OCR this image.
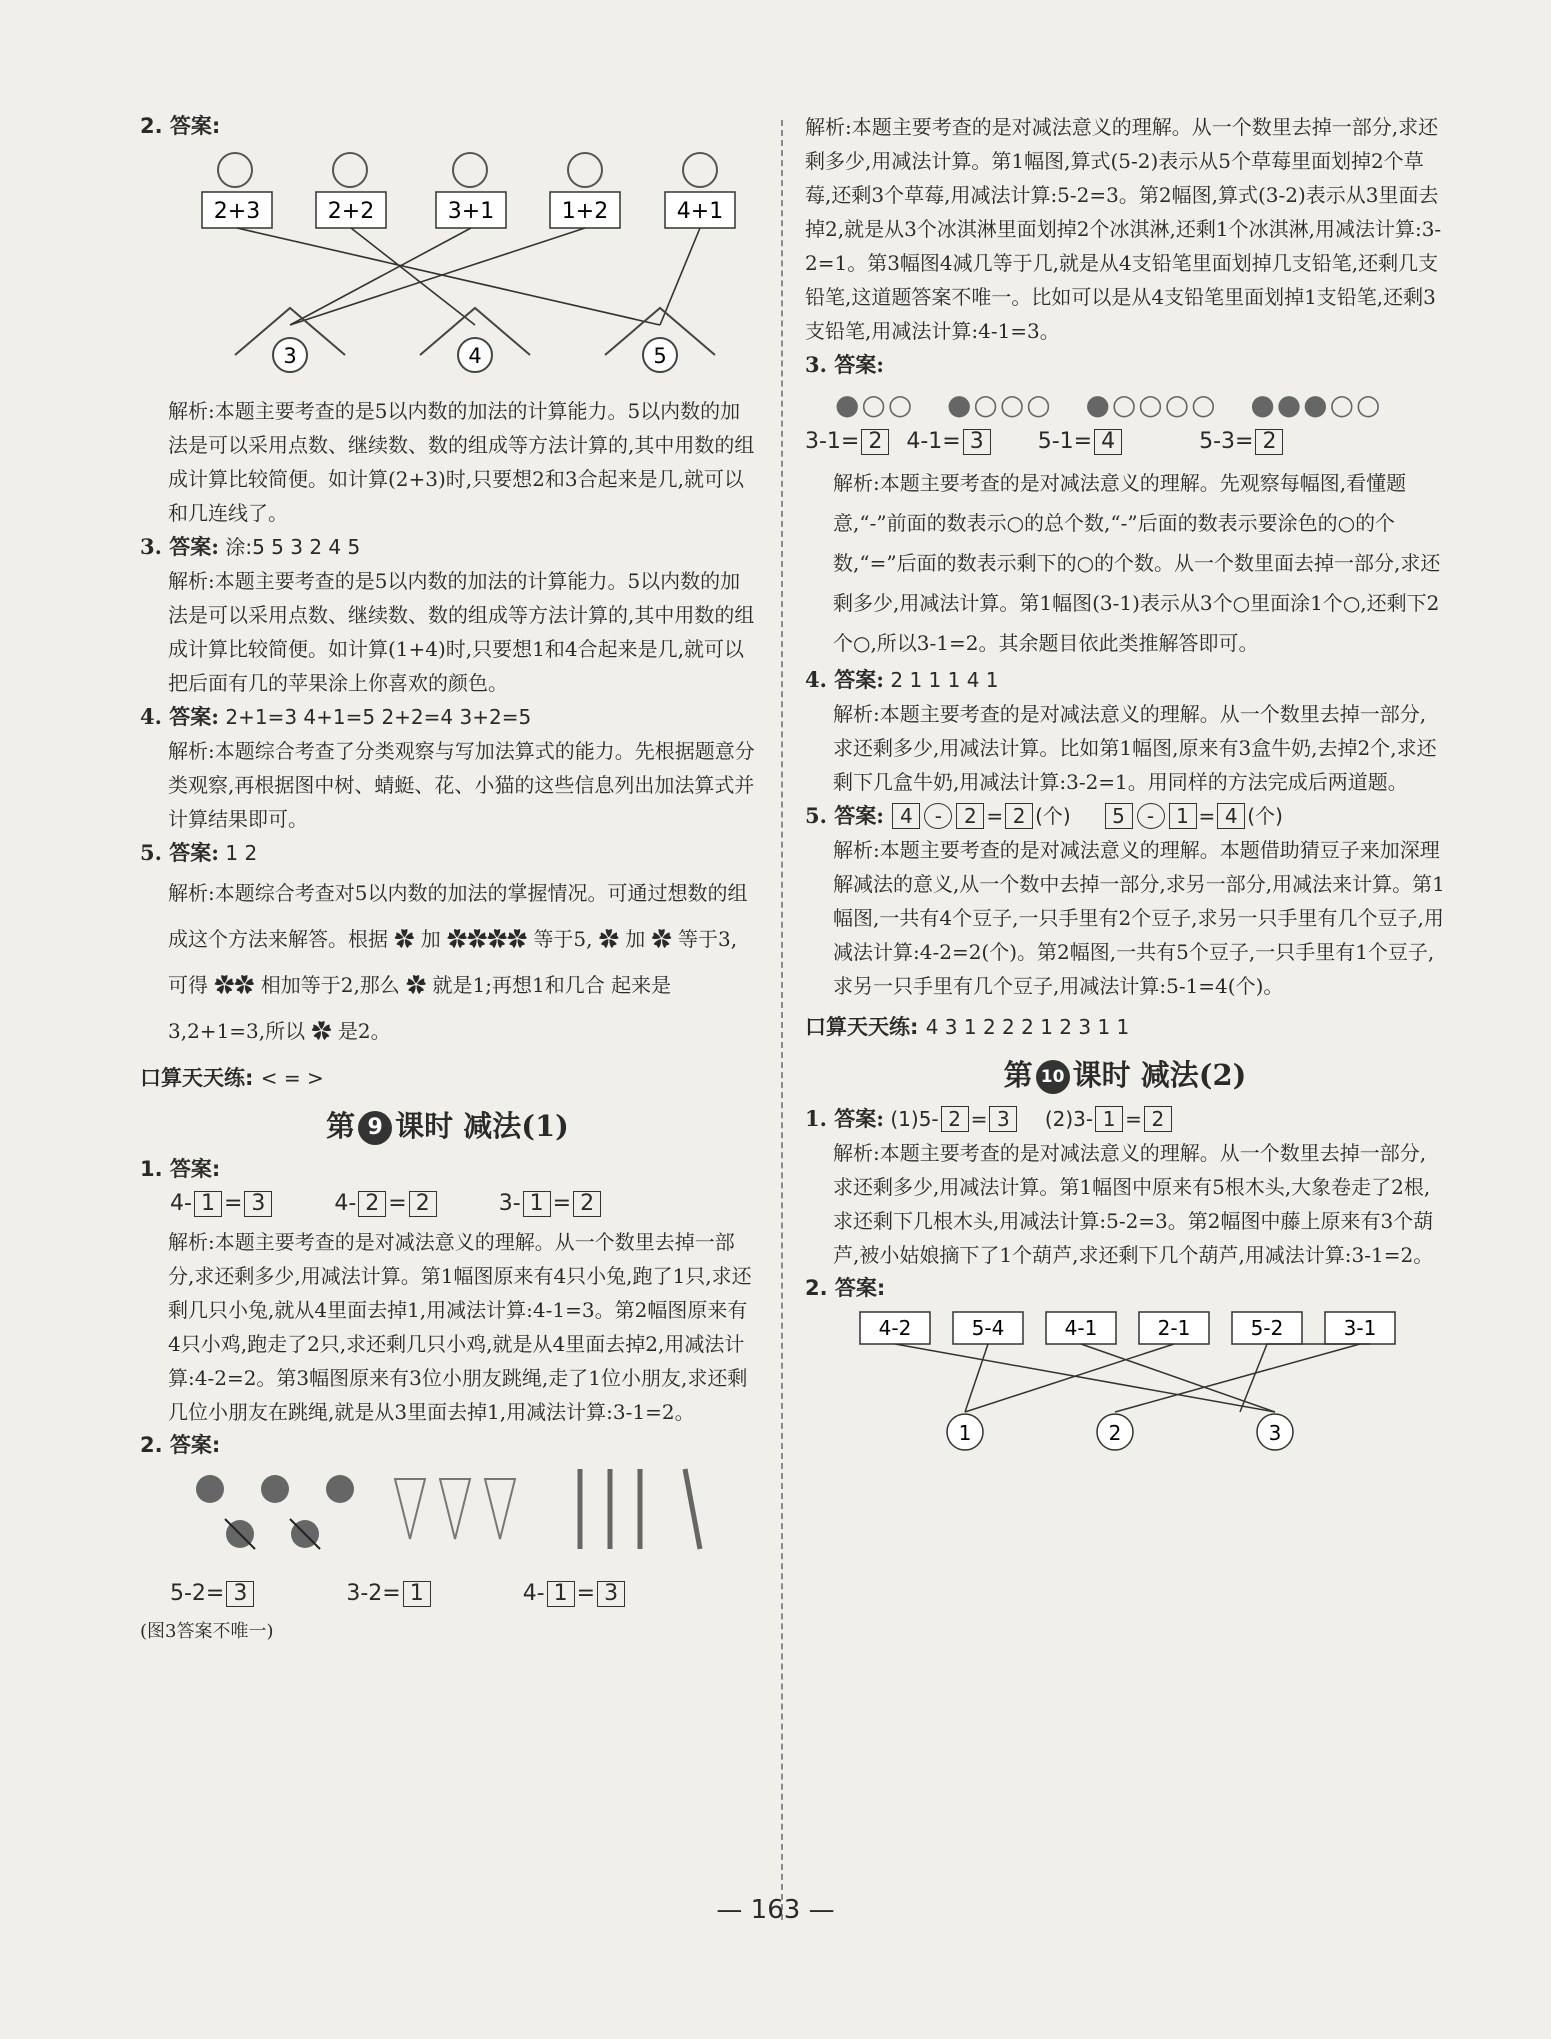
2. 答案:
2+3	2+2	3+1	1+2	4+1
3	4	5

解析:本题主要考查的是5以内数的加法的计算能力。5以内数的加法是可以采用点数、继续数、数的组成等方法计算的,其中用数的组成计算比较简便。如计算(2+3)时,只要想2和3合起来是几,就可以和几连线了。

3. 答案: 涂:5 5 3 2 4 5

解析:本题主要考查的是5以内数的加法的计算能力。5以内数的加法是可以采用点数、继续数、数的组成等方法计算的,其中用数的组成计算比较简便。如计算(1+4)时,只要想1和4合起来是几,就可以把后面有几的苹果涂上你喜欢的颜色。

4. 答案: 2+1=3 4+1=5 2+2=4 3+2=5

解析:本题综合考查了分类观察与写加法算式的能力。先根据题意分类观察,再根据图中树、蜻蜓、花、小猫的这些信息列出加法算式并计算结果即可。

5. 答案: 1 2

解析:本题综合考查对5以内数的加法的掌握情况。可通过想数的组成这个方法来解答。根据 ✿ 加 ✿✿✿✿ 等于5, ✿ 加 ✿ 等于3,可得 ✿✿ 相加等于2,那么 ✿ 就是1;再想1和几合 起来是3,2+1=3,所以 ✿ 是2。

口算天天练: < = >

第 9 课时 减法(1)
1. 答案:
4- 1 = 3	4- 2 = 2	3- 1 = 2

解析:本题主要考查的是对减法意义的理解。从一个数里去掉一部分,求还剩多少,用减法计算。第1幅图原来有4只小兔,跑了1只,求还剩几只小兔,就从4里面去掉1,用减法计算:4-1=3。第2幅图原来有4只小鸡,跑走了2只,求还剩几只小鸡,就是从4里面去掉2,用减法计算:4-2=2。第3幅图原来有3位小朋友跳绳,走了1位小朋友,求还剩几位小朋友在跳绳,就是从3里面去掉1,用减法计算:3-1=2。

2. 答案:
5-2= 3	3-2= 1	4- 1 = 3

(图3答案不唯一)

解析:本题主要考查的是对减法意义的理解。从一个数里去掉一部分,求还剩多少,用减法计算。第1幅图,算式(5-2)表示从5个草莓里面划掉2个草莓,还剩3个草莓,用减法计算:5-2=3。第2幅图,算式(3-2)表示从3里面去掉2,就是从3个冰淇淋里面划掉2个冰淇淋,还剩1个冰淇淋,用减法计算:3-2=1。第3幅图4减几等于几,就是从4支铅笔里面划掉几支铅笔,还剩几支铅笔,这道题答案不唯一。比如可以是从4支铅笔里面划掉1支铅笔,还剩3支铅笔,用减法计算:4-1=3。

3. 答案:

●○○ ●○○○ ●○○○○ ●●●○○
3-1= 2 4-1= 3 5-1= 4	5-3= 2

解析:本题主要考查的是对减法意义的理解。先观察每幅图,看懂题意,“-”前面的数表示○的总个数,“-”后面的数表示要涂色的○的个数,“=”后面的数表示剩下的○的个数。从一个数里面去掉一部分,求还剩多少,用减法计算。第1幅图(3-1)表示从3个○里面涂1个○,还剩下2个○,所以3-1=2。其余题目依此类推解答即可。

4. 答案: 2 1 1 1 4 1

解析:本题主要考查的是对减法意义的理解。从一个数里去掉一部分,求还剩多少,用减法计算。比如第1幅图,原来有3盒牛奶,去掉2个,求还剩下几盒牛奶,用减法计算:3-2=1。用同样的方法完成后两道题。

5. 答案: 4 - 2 = 2 (个) 5 - 1 = 4 (个)

解析:本题主要考查的是对减法意义的理解。本题借助猜豆子来加深理解减法的意义,从一个数中去掉一部分,求另一部分,用减法来计算。第1幅图,一共有4个豆子,一只手里有2个豆子,求另一只手里有几个豆子,用减法计算:4-2=2(个)。第2幅图,一共有5个豆子,一只手里有1个豆子,求另一只手里有几个豆子,用减法计算:5-1=4(个)。

口算天天练: 4 3 1 2 2 2 1 2 3 1 1

第 10 课时 减法(2)

1. 答案: (1)5- 2 = 3 (2)3- 1 = 2

解析:本题主要考查的是对减法意义的理解。从一个数里去掉一部分,求还剩多少,用减法计算。第1幅图中原来有5根木头,大象卷走了2根,求还剩下几根木头,用减法计算:5-2=3。第2幅图中藤上原来有3个葫芦,被小姑娘摘下了1个葫芦,求还剩下几个葫芦,用减法计算:3-1=2。

2. 答案:
4-2	5-4	4-1	2-1	5-2	3-1
1	2	3
— 163 —
